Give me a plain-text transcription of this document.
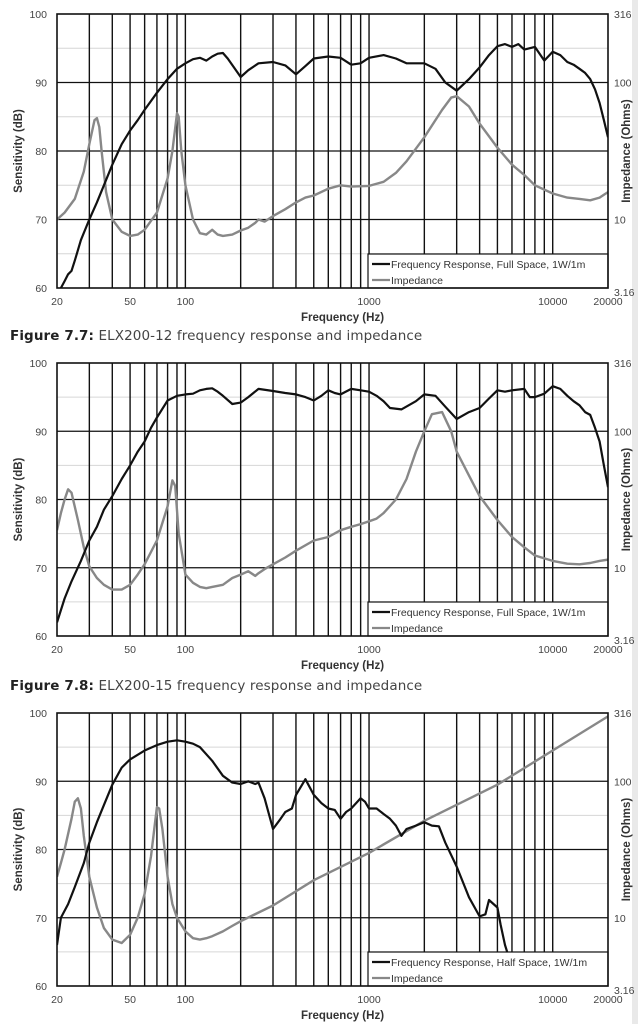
Frequency Response, Full Space, 1W/1m
Impedance
60
70
80
90
100
3.16
10
100
316
20	50	100	1000	10000 20000
Frequency (Hz)
Sensitivity (dB)	Impedance (Ohms)
Frequency Response, Full Space, 1W/1m
Impedance
60
70
80
90
100
3.16
10
100
316
20	50	100	1000	10000 20000
Frequency (Hz)
Sensitivity (dB)	Impedance (Ohms)
Frequency Response, Half Space, 1W/1m
Impedance
60
70
80
90
100
3.16
10
100
316
20	50	100	1000	10000 20000
Frequency (Hz)
Sensitivity (dB)	Impedance (Ohms)
Figure 7.7: ELX200-12 frequency response and impedance
Figure 7.8: ELX200-15 frequency response and impedance
